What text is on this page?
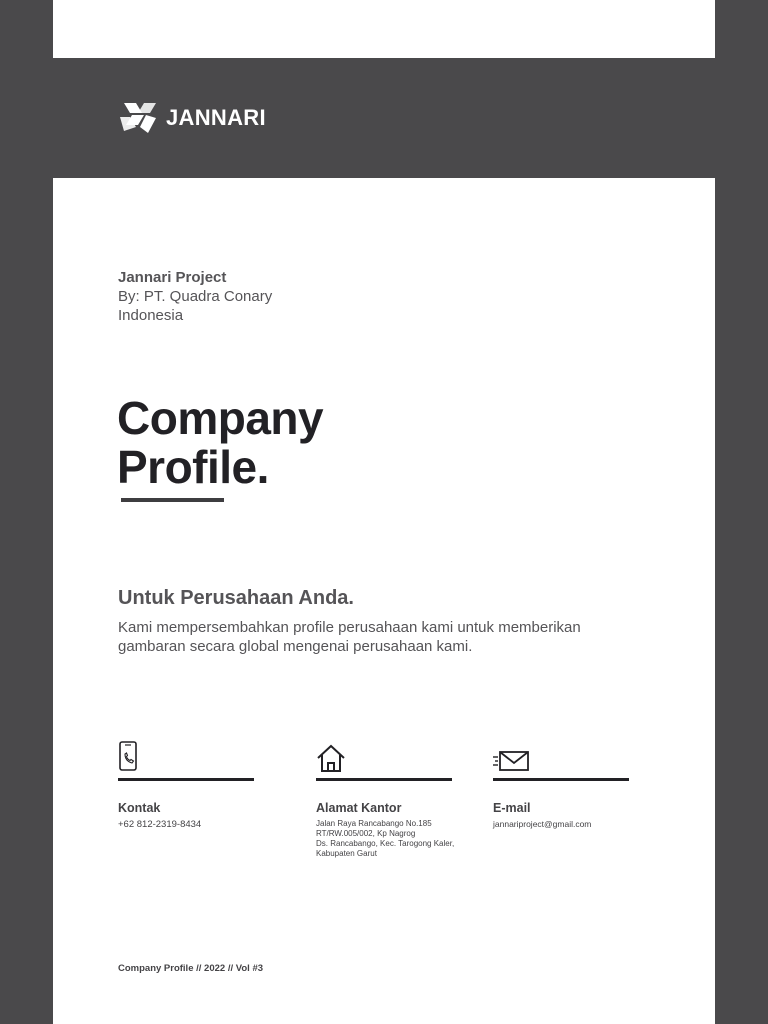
JANNARI
Jannari Project
By: PT. Quadra Conary
Indonesia
Company
Profile.
Untuk Perusahaan Anda.
Kami mempersembahkan profile perusahaan kami untuk memberikan
gambaran secara global mengenai perusahaan kami.
Kontak
+62 812-2319-8434
Alamat Kantor
Jalan Raya Rancabango No.185
RT/RW.005/002, Kp Nagrog
Ds. Rancabango, Kec. Tarogong Kaler,
Kabupaten Garut
E-mail
jannariproject@gmail.com
Company Profile // 2022 // Vol #3
